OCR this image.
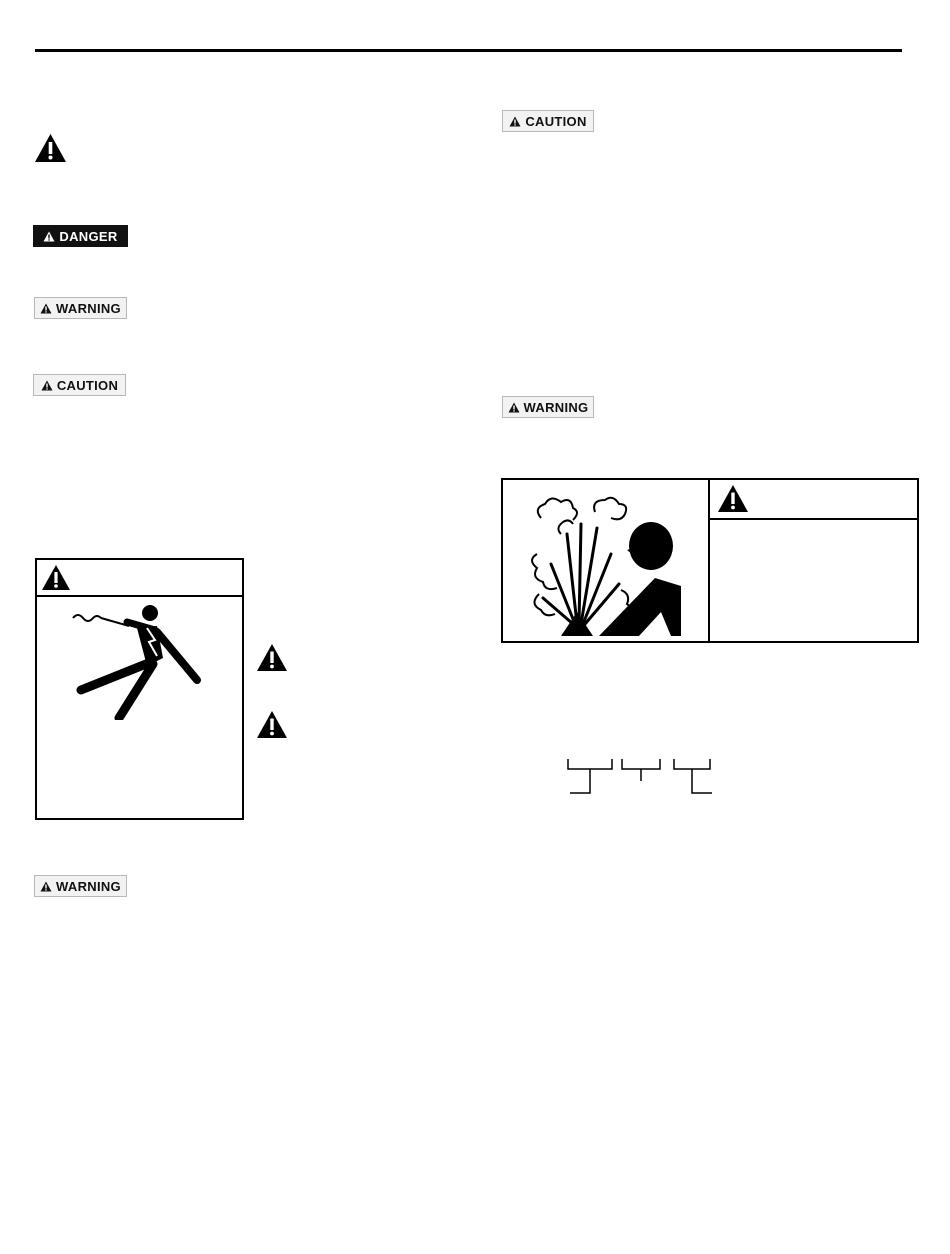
DANGER
WARNING
CAUTION
WARNING
CAUTION
WARNING
